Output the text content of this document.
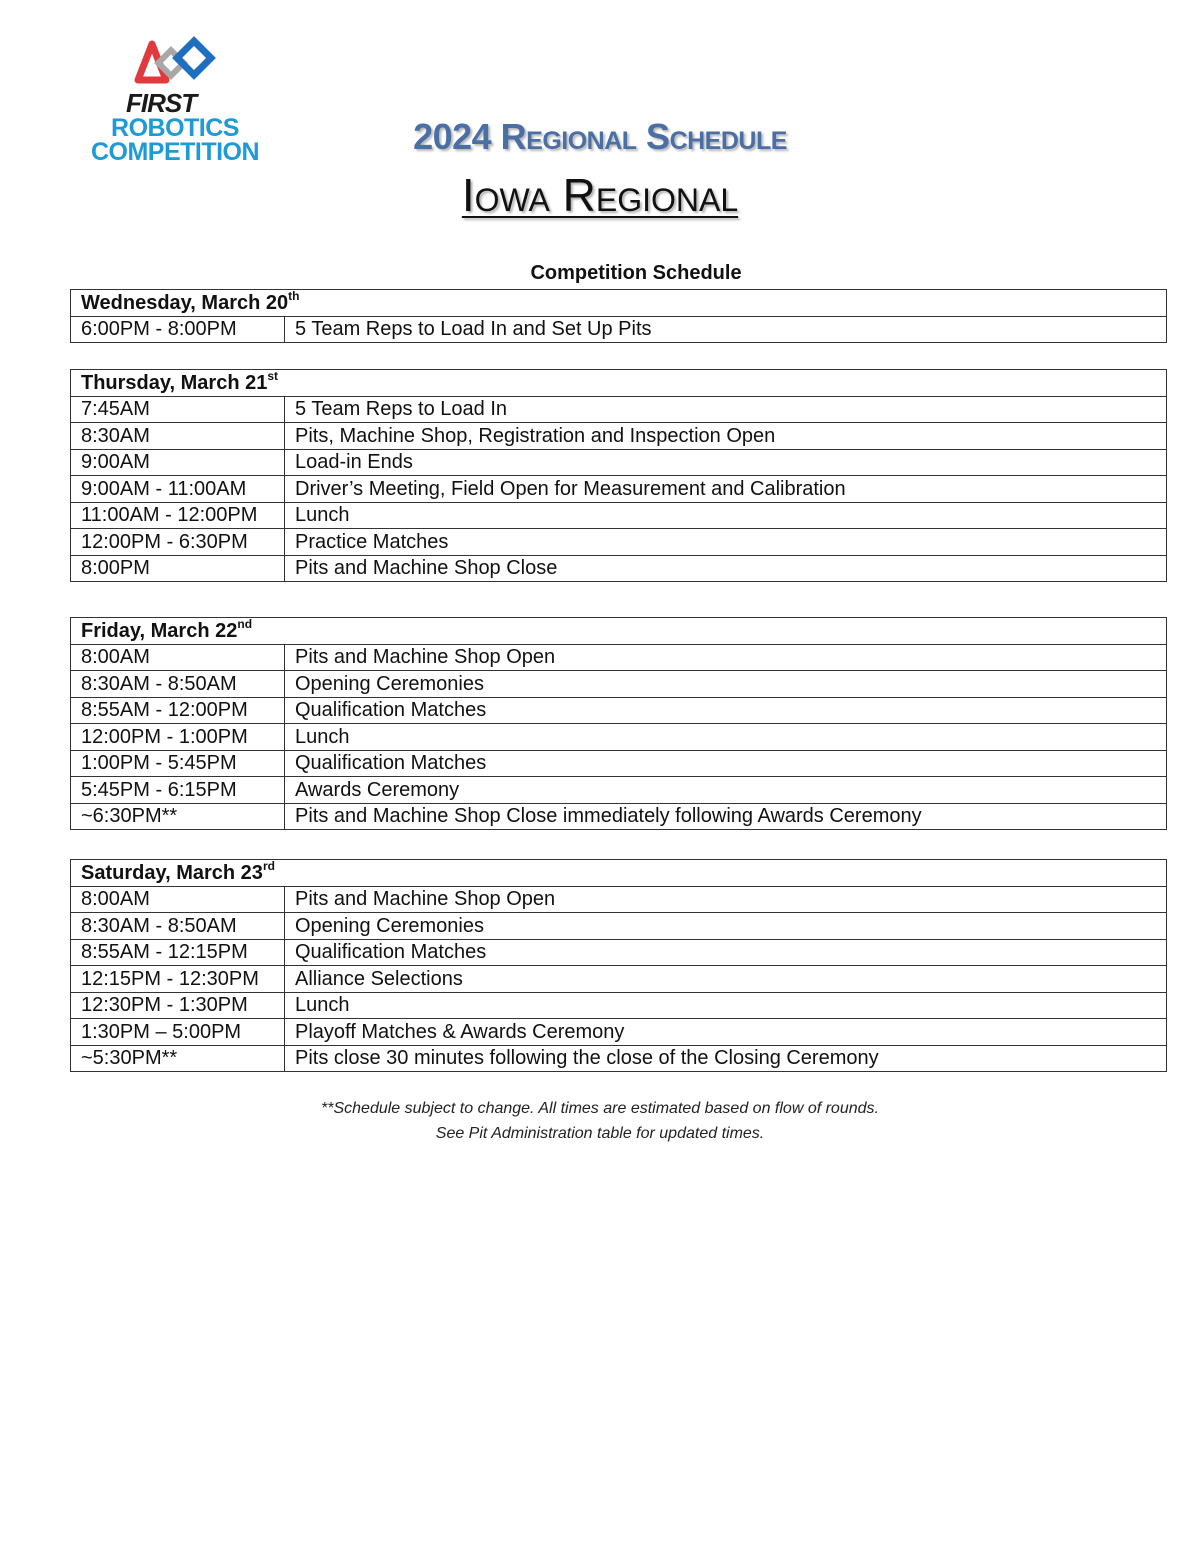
FIRST
ROBOTICS
COMPETITION	2024 Regional Schedule
Iowa Regional
Competition Schedule
Wednesday, March 20th
6:00PM - 8:00PM	5 Team Reps to Load In and Set Up Pits
Thursday, March 21st
7:45AM	5 Team Reps to Load In
8:30AM	Pits, Machine Shop, Registration and Inspection Open
9:00AM	Load-in Ends
9:00AM - 11:00AM	Driver’s Meeting, Field Open for Measurement and Calibration
11:00AM - 12:00PM	Lunch
12:00PM - 6:30PM	Practice Matches
8:00PM	Pits and Machine Shop Close
Friday, March 22nd
8:00AM	Pits and Machine Shop Open
8:30AM - 8:50AM	Opening Ceremonies
8:55AM - 12:00PM	Qualification Matches
12:00PM - 1:00PM	Lunch
1:00PM - 5:45PM	Qualification Matches
5:45PM - 6:15PM	Awards Ceremony
~6:30PM**	Pits and Machine Shop Close immediately following Awards Ceremony
Saturday, March 23rd
8:00AM	Pits and Machine Shop Open
8:30AM - 8:50AM	Opening Ceremonies
8:55AM - 12:15PM	Qualification Matches
12:15PM - 12:30PM	Alliance Selections
12:30PM - 1:30PM	Lunch
1:30PM – 5:00PM	Playoff Matches & Awards Ceremony
~5:30PM**	Pits close 30 minutes following the close of the Closing Ceremony
**Schedule subject to change. All times are estimated based on flow of rounds.
See Pit Administration table for updated times.
